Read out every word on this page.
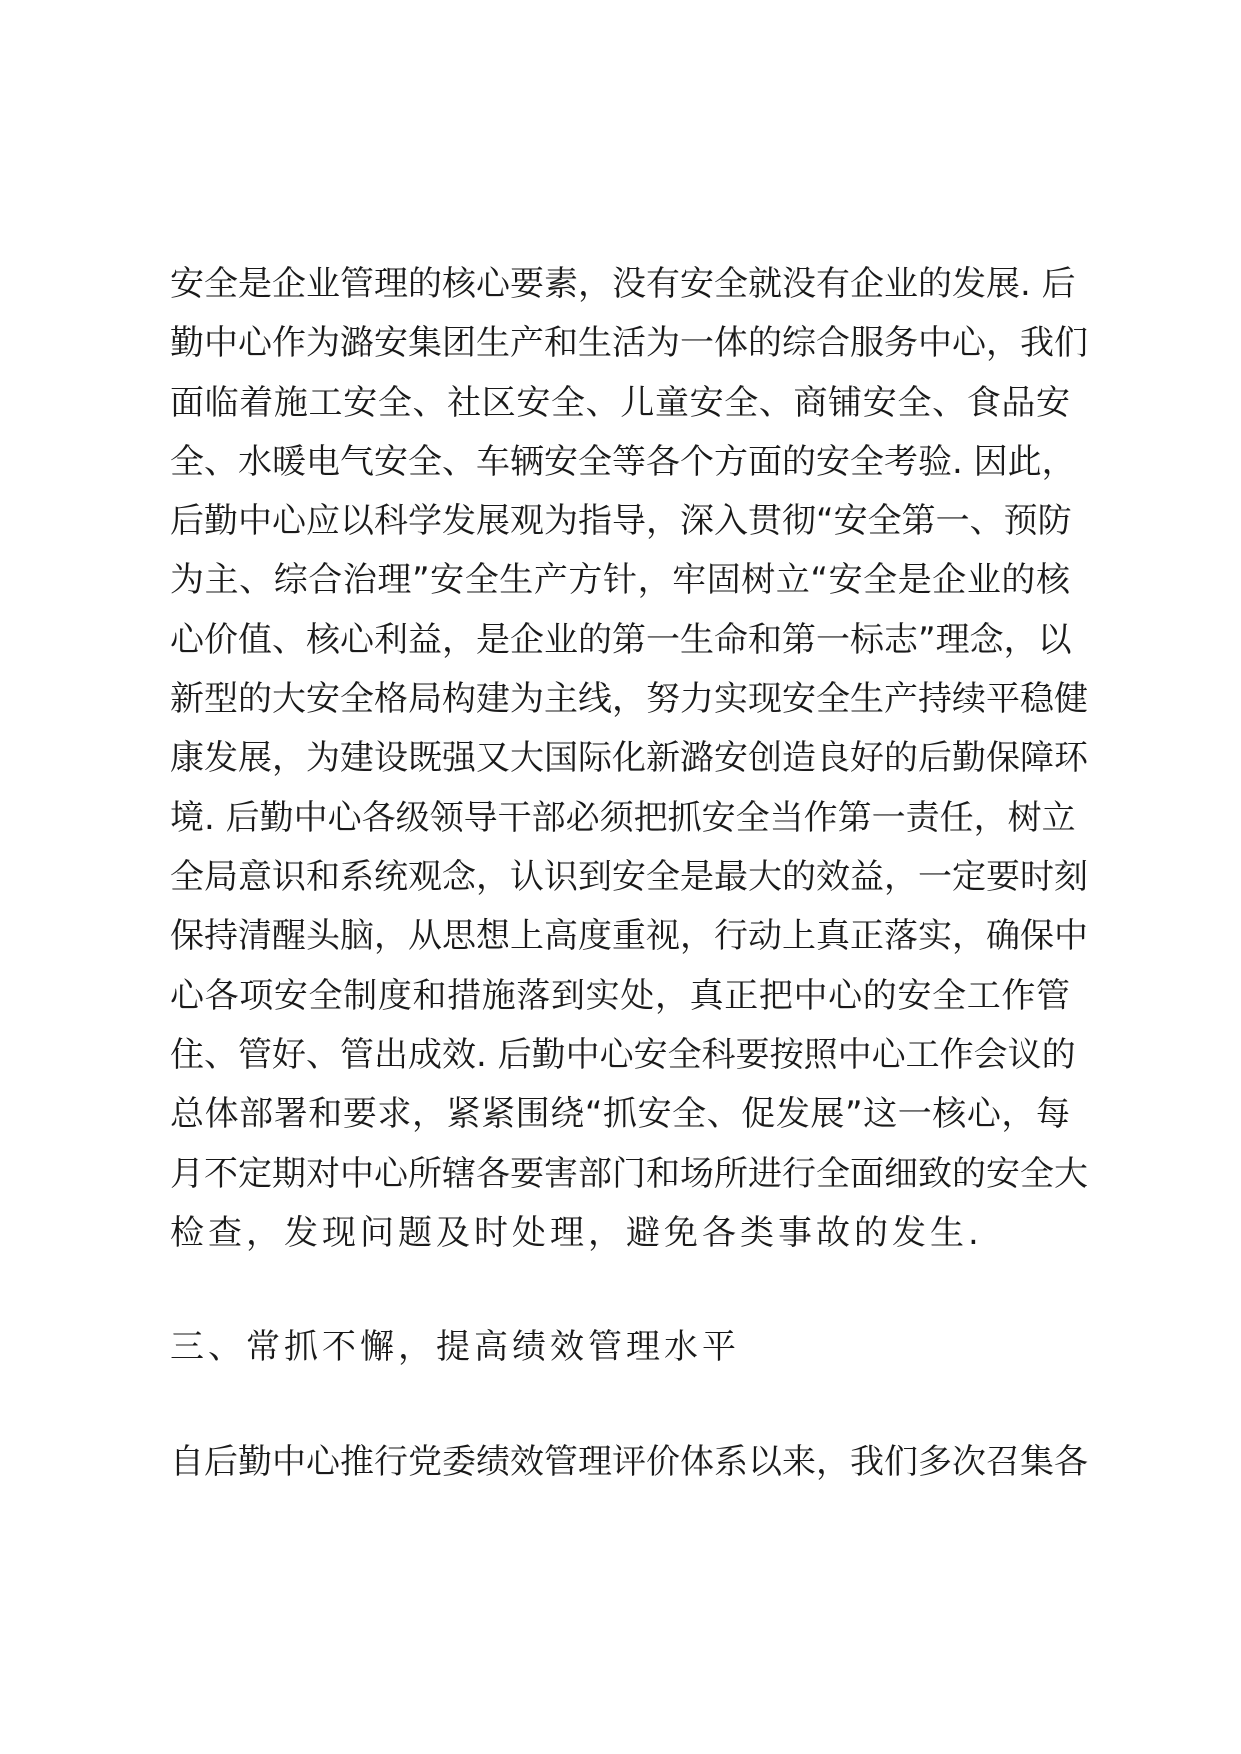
安全是企业管理的核心要素，没有安全就没有企业的发展. 后
勤中心作为潞安集团生产和生活为一体的综合服务中心，我们
面临着施工安全、社区安全、儿童安全、商铺安全、食品安
全、水暖电气安全、车辆安全等各个方面的安全考验. 因此，
后勤中心应以科学发展观为指导，深入贯彻“安全第一、预防
为主、综合治理”安全生产方针，牢固树立“安全是企业的核
心价值、核心利益，是企业的第一生命和第一标志”理念，以
新型的大安全格局构建为主线，努力实现安全生产持续平稳健
康发展，为建设既强又大国际化新潞安创造良好的后勤保障环
境. 后勤中心各级领导干部必须把抓安全当作第一责任，树立
全局意识和系统观念，认识到安全是最大的效益，一定要时刻
保持清醒头脑，从思想上高度重视，行动上真正落实，确保中
心各项安全制度和措施落到实处，真正把中心的安全工作管
住、管好、管出成效. 后勤中心安全科要按照中心工作会议的
总体部署和要求，紧紧围绕“抓安全、促发展”这一核心，每
月不定期对中心所辖各要害部门和场所进行全面细致的安全大
检查，发现问题及时处理，避免各类事故的发生.
三、常抓不懈，提高绩效管理水平
自后勤中心推行党委绩效管理评价体系以来，我们多次召集各
